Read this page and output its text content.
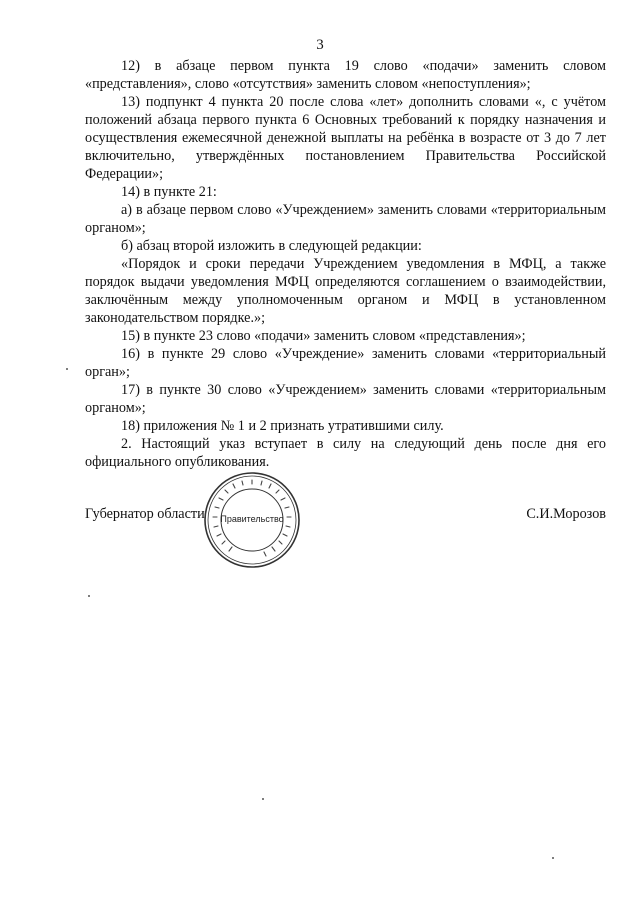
3

12) в абзаце первом пункта 19 слово «подачи» заменить словом «представления», слово «отсутствия» заменить словом «непоступления»;

13) подпункт 4 пункта 20 после слова «лет» дополнить словами «, с учётом положений абзаца первого пункта 6 Основных требований к порядку назначения и осуществления ежемесячной денежной выплаты на ребёнка в возрасте от 3 до 7 лет включительно, утверждённых постановлением Правительства Российской Федерации»;

14) в пункте 21:

а) в абзаце первом слово «Учреждением» заменить словами «территориальным органом»;

б) абзац второй изложить в следующей редакции:

«Порядок и сроки передачи Учреждением уведомления в МФЦ, а также порядок выдачи уведомления МФЦ определяются соглашением о взаимодействии, заключённым между уполномоченным органом и МФЦ в установленном законодательством порядке.»;

15) в пункте 23 слово «подачи» заменить словом «представления»;

16) в пункте 29 слово «Учреждение» заменить словами «территориальный орган»;

17) в пункте 30 слово «Учреждением» заменить словами «территориальным органом»;

18) приложения № 1 и 2 признать утратившими силу.

2. Настоящий указ вступает в силу на следующий день после дня его официального опубликования.

Губернатор области	С.И.Морозов
Правительство
